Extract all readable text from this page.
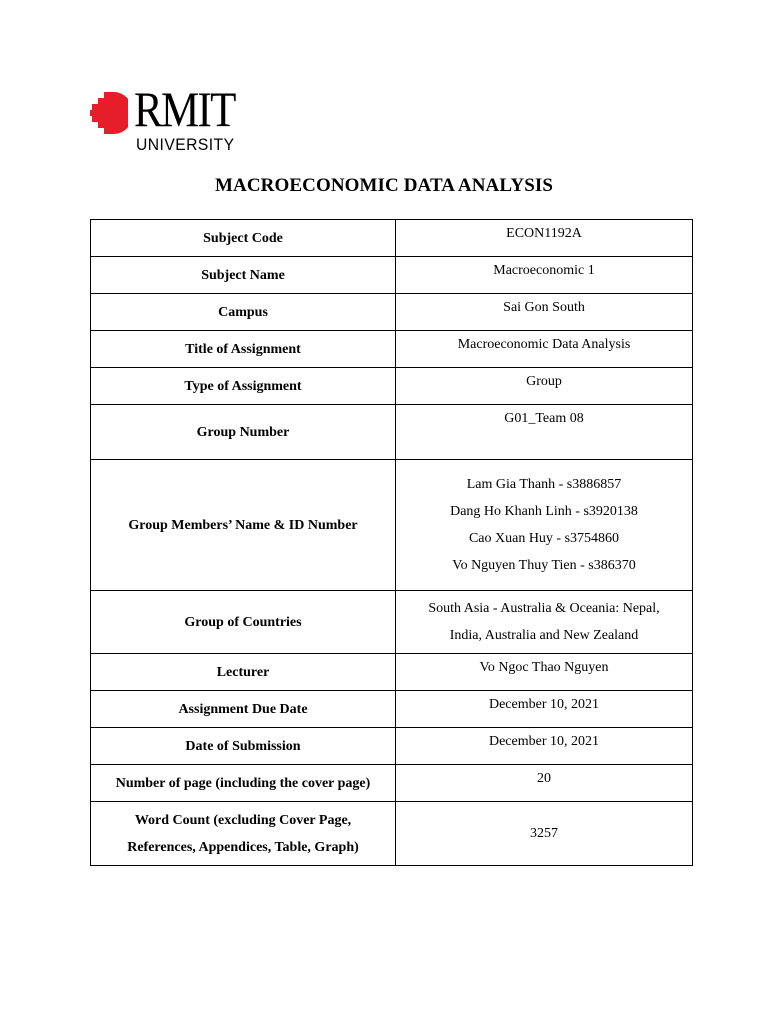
RMIT
UNIVERSITY
MACROECONOMIC DATA ANALYSIS
Subject Code	ECON1192A
Subject Name	Macroeconomic 1
Campus	Sai Gon South
Title of Assignment	Macroeconomic Data Analysis
Type of Assignment	Group
Group Number	G01_Team 08
Group Members’ Name & ID Number	Lam Gia Thanh - s3886857
Dang Ho Khanh Linh - s3920138
Cao Xuan Huy - s3754860
Vo Nguyen Thuy Tien - s386370

Group of Countries	South Asia - Australia & Oceania: Nepal,
India, Australia and New Zealand

Lecturer	Vo Ngoc Thao Nguyen
Assignment Due Date	December 10, 2021
Date of Submission	December 10, 2021
Number of page (including the cover page)	20

Word Count (excluding Cover Page,
References, Appendices, Table, Graph)	3257
